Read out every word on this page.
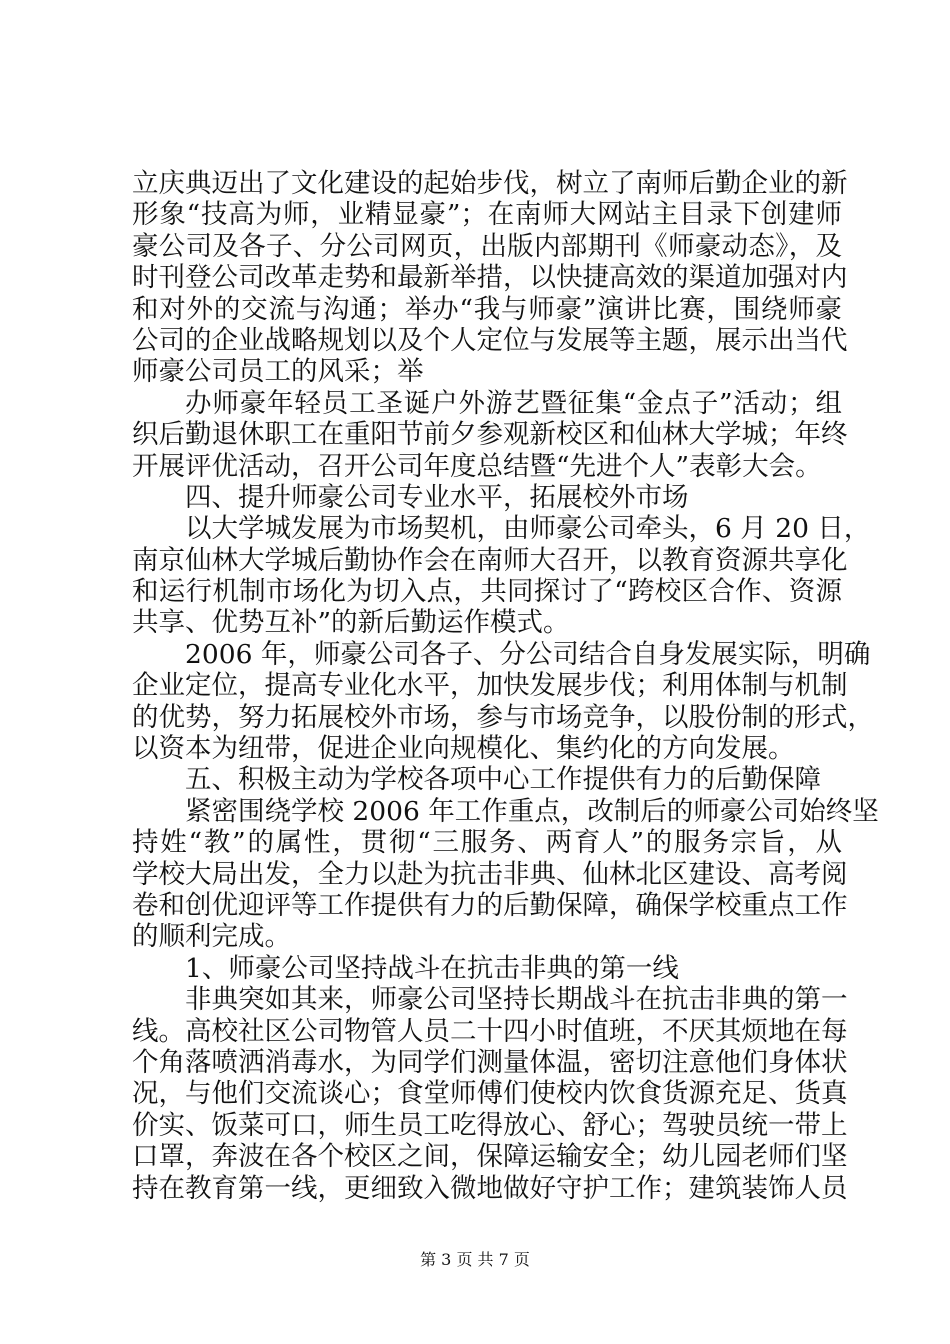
立庆典迈出了文化建设的起始步伐，树立了南师后勤企业的新
形象“技高为师，业精显豪”；在南师大网站主目录下创建师
豪公司及各子、分公司网页，出版内部期刊《师豪动态》，及
时刊登公司改革走势和最新举措，以快捷高效的渠道加强对内
和对外的交流与沟通；举办“我与师豪”演讲比赛，围绕师豪
公司的企业战略规划以及个人定位与发展等主题，展示出当代
师豪公司员工的风采；举
办师豪年轻员工圣诞户外游艺暨征集“金点子”活动；组
织后勤退休职工在重阳节前夕参观新校区和仙林大学城；年终
开展评优活动，召开公司年度总结暨“先进个人”表彰大会。
四、提升师豪公司专业水平，拓展校外市场
以大学城发展为市场契机，由师豪公司牵头，6 月 20 日，
南京仙林大学城后勤协作会在南师大召开，以教育资源共享化
和运行机制市场化为切入点，共同探讨了“跨校区合作、资源
共享、优势互补”的新后勤运作模式。
2006 年，师豪公司各子、分公司结合自身发展实际，明确
企业定位，提高专业化水平，加快发展步伐；利用体制与机制
的优势，努力拓展校外市场，参与市场竞争，以股份制的形式，
以资本为纽带，促进企业向规模化、集约化的方向发展。
五、积极主动为学校各项中心工作提供有力的后勤保障
紧密围绕学校 2006 年工作重点，改制后的师豪公司始终坚
持姓“教”的属性，贯彻“三服务、两育人”的服务宗旨，从
学校大局出发，全力以赴为抗击非典、仙林北区建设、高考阅
卷和创优迎评等工作提供有力的后勤保障，确保学校重点工作
的顺利完成。
1、师豪公司坚持战斗在抗击非典的第一线
非典突如其来，师豪公司坚持长期战斗在抗击非典的第一
线。高校社区公司物管人员二十四小时值班，不厌其烦地在每
个角落喷洒消毒水，为同学们测量体温，密切注意他们身体状
况，与他们交流谈心；食堂师傅们使校内饮食货源充足、货真
价实、饭菜可口，师生员工吃得放心、舒心；驾驶员统一带上
口罩，奔波在各个校区之间，保障运输安全；幼儿园老师们坚
持在教育第一线，更细致入微地做好守护工作；建筑装饰人员
第 3 页 共 7 页
